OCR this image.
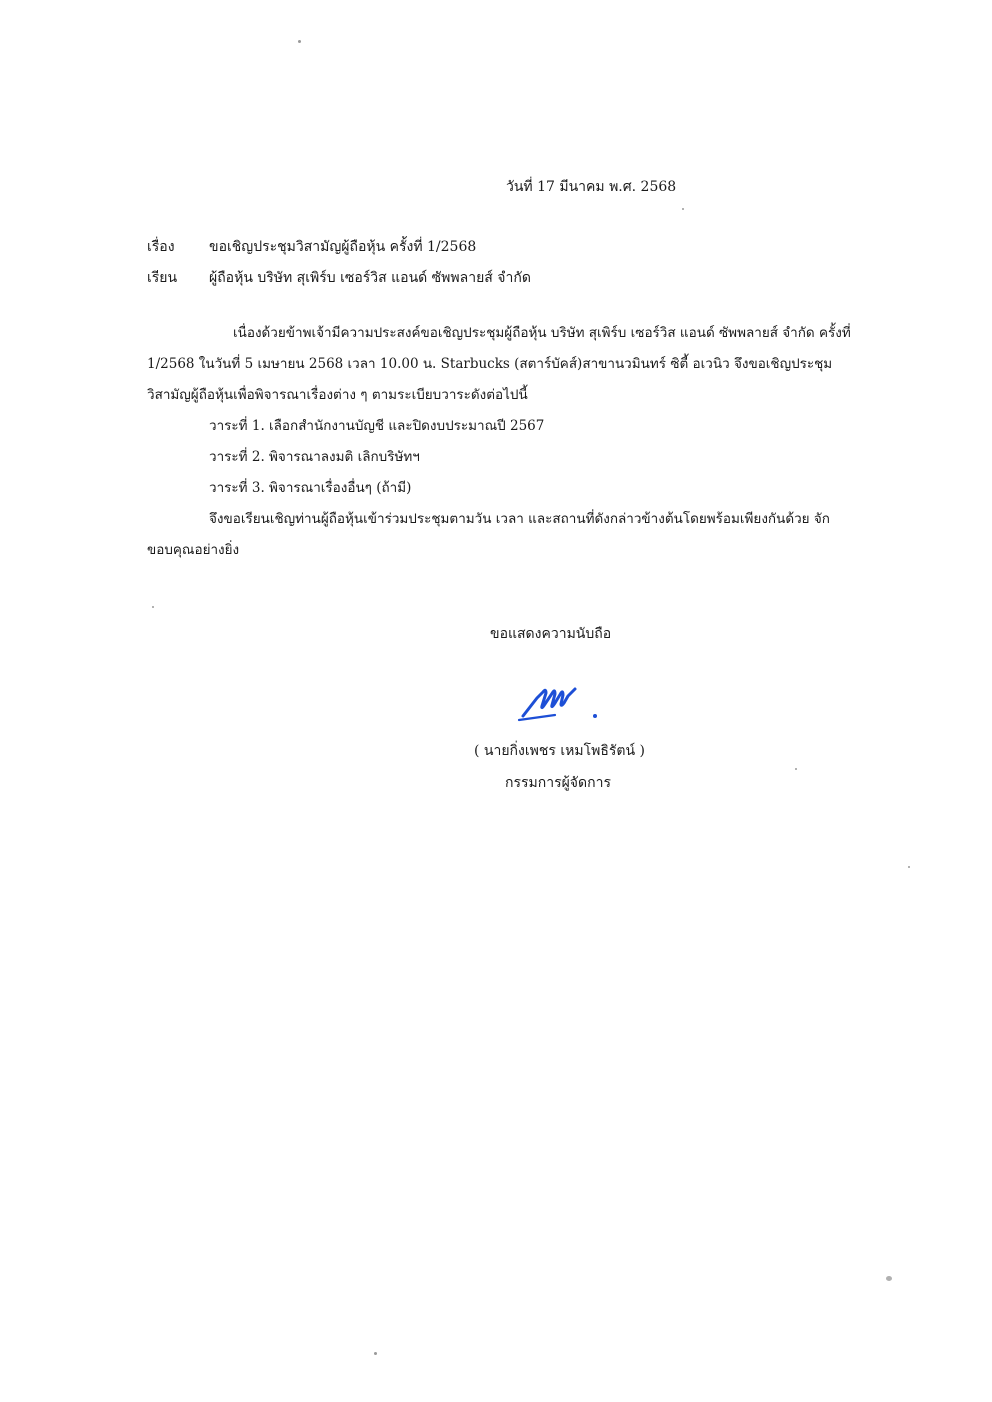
วันที่ 17 มีนาคม พ.ศ. 2568
เรื่อง ขอเชิญประชุมวิสามัญผู้ถือหุ้น ครั้งที่ 1/2568
เรียน ผู้ถือหุ้น บริษัท สุเพิร์บ เซอร์วิส แอนด์ ซัพพลายส์ จำกัด

เนื่องด้วยข้าพเจ้ามีความประสงค์ขอเชิญประชุมผู้ถือหุ้น บริษัท สุเพิร์บ เซอร์วิส แอนด์ ซัพพลายส์ จำกัด ครั้งที่ 1/2568 ในวันที่ 5 เมษายน 2568 เวลา 10.00 น. Starbucks (สตาร์บัคส์)สาขานวมินทร์ ซิตี้ อเวนิว จึงขอเชิญประชุมวิสามัญผู้ถือหุ้นเพื่อพิจารณาเรื่องต่าง ๆ ตามระเบียบวาระดังต่อไปนี้

วาระที่ 1. เลือกสำนักงานบัญชี และปิดงบประมาณปี 2567

วาระที่ 2. พิจารณาลงมติ เลิกบริษัทฯ

วาระที่ 3. พิจารณาเรื่องอื่นๆ (ถ้ามี)

จึงขอเรียนเชิญท่านผู้ถือหุ้นเข้าร่วมประชุมตามวัน เวลา และสถานที่ดังกล่าวข้างต้นโดยพร้อมเพียงกันด้วย จักขอบคุณอย่างยิ่ง

ขอแสดงความนับถือ
( นายกิ่งเพชร เหมโพธิรัตน์ )
กรรมการผู้จัดการ
